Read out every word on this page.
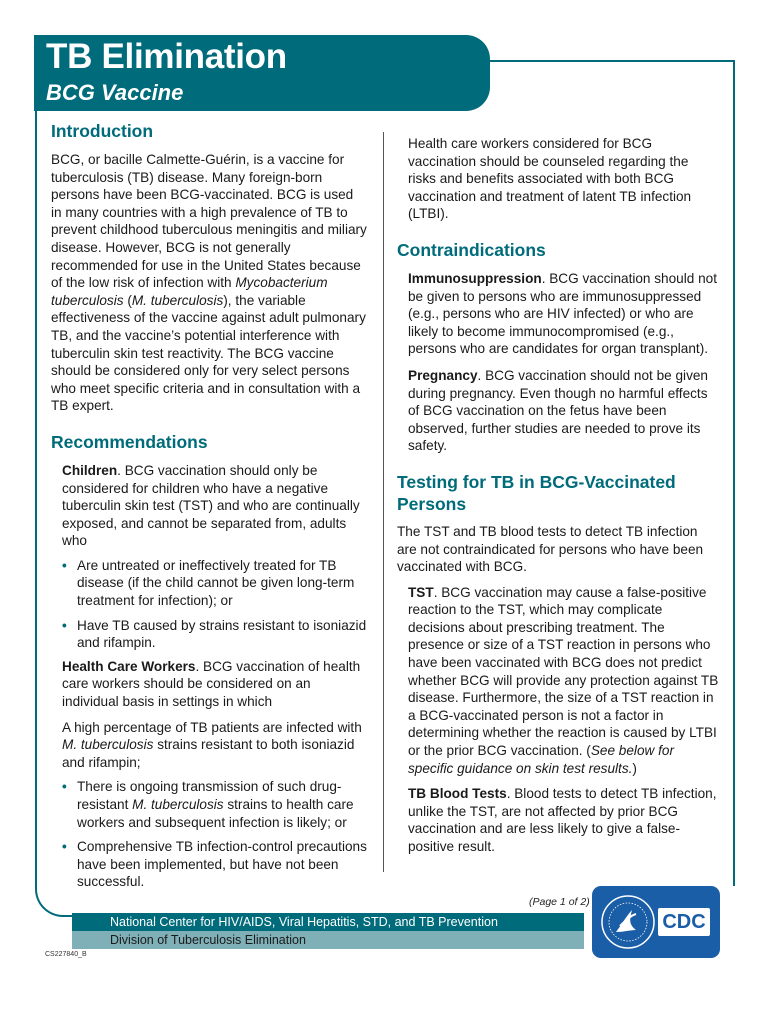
TB Elimination
BCG Vaccine
Introduction

BCG, or bacille Calmette-Guérin, is a vaccine for tuberculosis (TB) disease. Many foreign-born persons have been BCG-vaccinated. BCG is used in many countries with a high prevalence of TB to prevent childhood tuberculous meningitis and miliary disease. However, BCG is not generally recommended for use in the United States because of the low risk of infection with Mycobacterium tuberculosis (M. tuberculosis), the variable effectiveness of the vaccine against adult pulmonary TB, and the vaccine’s potential interference with tuberculin skin test reactivity. The BCG vaccine should be considered only for very select persons who meet specific criteria and in consultation with a TB expert.

Recommendations

Children. BCG vaccination should only be considered for children who have a negative tuberculin skin test (TST) and who are continually exposed, and cannot be separated from, adults who

• Are untreated or ineffectively treated for TB disease (if the child cannot be given long-term treatment for infection); or
• Have TB caused by strains resistant to isoniazid and rifampin.

Health Care Workers. BCG vaccination of health care workers should be considered on an individual basis in settings in which

A high percentage of TB patients are infected with M. tuberculosis strains resistant to both isoniazid and rifampin;

• There is ongoing transmission of such drug-resistant M. tuberculosis strains to health care workers and subsequent infection is likely; or
• Comprehensive TB infection-control precautions have been implemented, but have not been successful.

Health care workers considered for BCG vaccination should be counseled regarding the risks and benefits associated with both BCG vaccination and treatment of latent TB infection (LTBI).

Contraindications

Immunosuppression. BCG vaccination should not be given to persons who are immunosuppressed (e.g., persons who are HIV infected) or who are likely to become immunocompromised (e.g., persons who are candidates for organ transplant).

Pregnancy. BCG vaccination should not be given during pregnancy. Even though no harmful effects of BCG vaccination on the fetus have been observed, further studies are needed to prove its safety.

Testing for TB in BCG-Vaccinated Persons

The TST and TB blood tests to detect TB infection are not contraindicated for persons who have been vaccinated with BCG.

TST. BCG vaccination may cause a false-positive reaction to the TST, which may complicate decisions about prescribing treatment. The presence or size of a TST reaction in persons who have been vaccinated with BCG does not predict whether BCG will provide any protection against TB disease. Furthermore, the size of a TST reaction in a BCG-vaccinated person is not a factor in determining whether the reaction is caused by LTBI or the prior BCG vaccination. (See below for specific guidance on skin test results.)

TB Blood Tests. Blood tests to detect TB infection, unlike the TST, are not affected by prior BCG vaccination and are less likely to give a false-positive result.

(Page 1 of 2)
National Center for HIV/AIDS, Viral Hepatitis, STD, and TB Prevention
Division of Tuberculosis Elimination
CS227840_B
CDC
